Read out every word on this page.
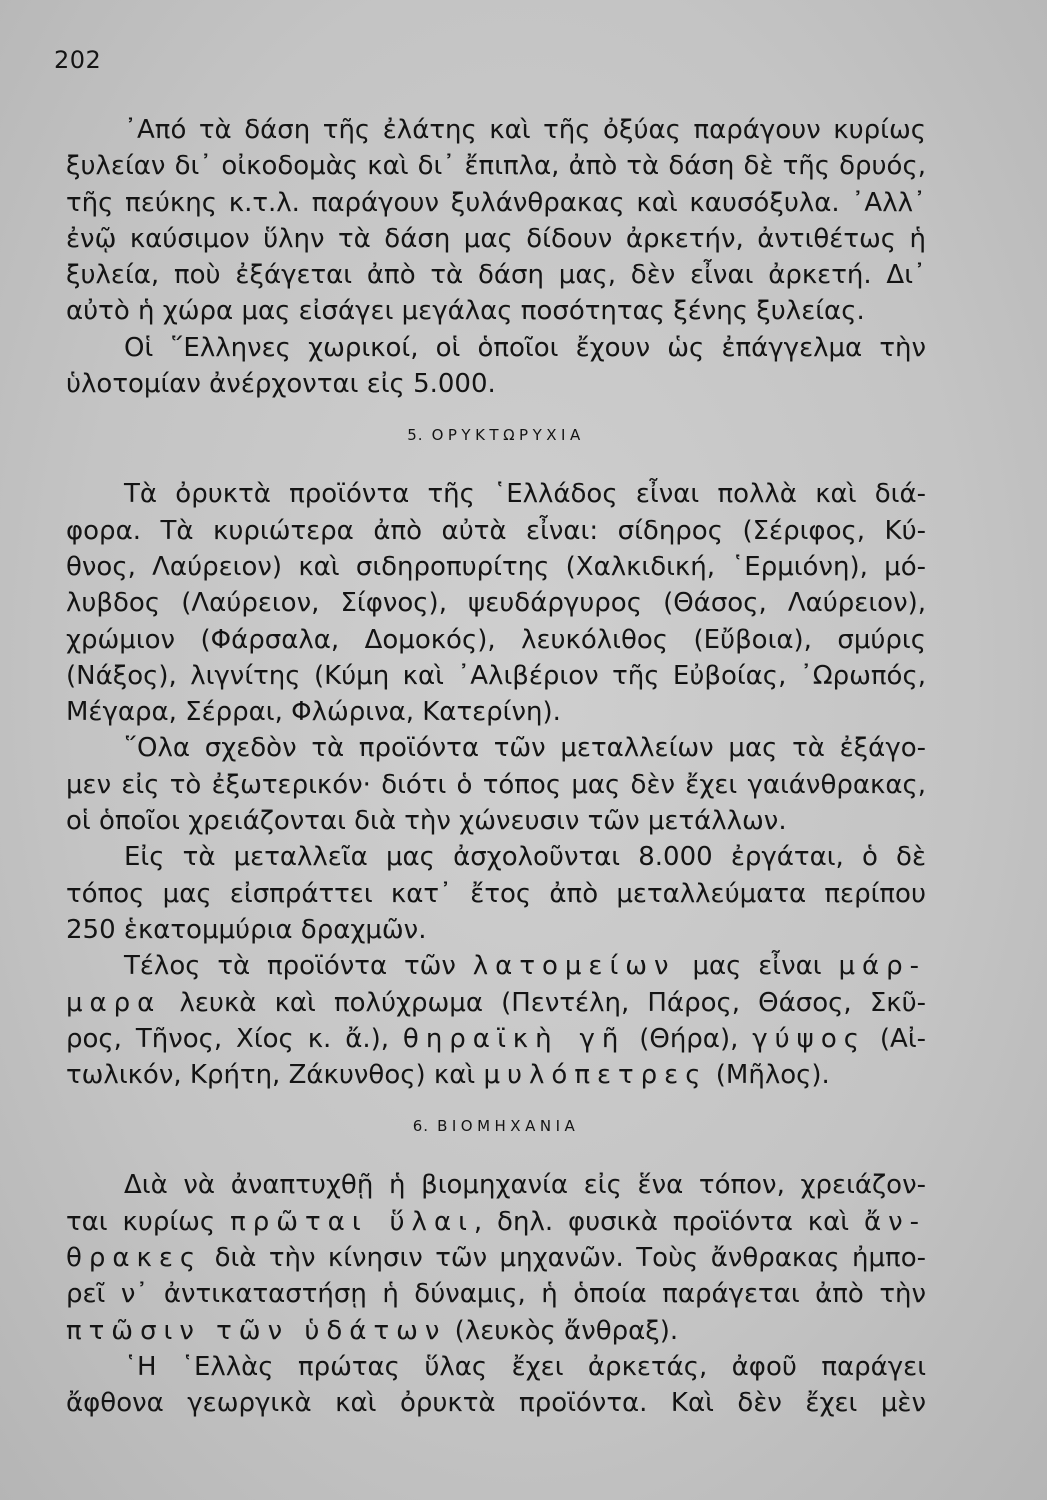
202

᾽Από τὰ δάση τῆς ἐλάτης καὶ τῆς ὀξύας παράγουν κυρίως
ξυλείαν δι᾽ οἰκοδομὰς καὶ δι᾽ ἔπιπλα, ἀπὸ τὰ δάση δὲ τῆς δρυός,
τῆς πεύκης κ.τ.λ. παράγουν ξυλάνθρακας καὶ καυσόξυλα. ᾽Αλλ᾽
ἐνῷ καύσιμον ὕλην τὰ δάση μας δίδουν ἀρκετήν, ἀντιθέτως ἡ
ξυλεία, ποὺ ἐξάγεται ἀπὸ τὰ δάση μας, δὲν εἶναι ἀρκετή. Δι᾽
αὐτὸ ἡ χώρα μας εἰσάγει μεγάλας ποσότητας ξένης ξυλείας.
Οἱ ῞Ελληνες χωρικοί, οἱ ὁποῖοι ἔχουν ὡς ἐπάγγελμα τὴν
ὑλοτομίαν ἀνέρχονται εἰς 5.000.
5. ΟΡΥΚΤΩΡΥΧΙΑ
Τὰ ὀρυκτὰ προϊόντα τῆς ῾Ελλάδος εἶναι πολλὰ καὶ διά-
φορα. Τὰ κυριώτερα ἀπὸ αὐτὰ εἶναι: σίδηρος (Σέριφος, Κύ-
θνος, Λαύρειον) καὶ σιδηροπυρίτης (Χαλκιδική, ῾Ερμιόνη), μό-
λυβδος (Λαύρειον, Σίφνος), ψευδάργυρος (Θάσος, Λαύρειον),
χρώμιον (Φάρσαλα, Δομοκός), λευκόλιθος (Εὔβοια), σμύρις
(Νάξος), λιγνίτης (Κύμη καὶ ᾽Αλιβέριον τῆς Εὐβοίας, ᾽Ωρωπός,
Μέγαρα, Σέρραι, Φλώρινα, Κατερίνη).
῞Ολα σχεδὸν τὰ προϊόντα τῶν μεταλλείων μας τὰ ἐξάγο-
μεν εἰς τὸ ἐξωτερικόν· διότι ὁ τόπος μας δὲν ἔχει γαιάνθρακας,
οἱ ὁποῖοι χρειάζονται διὰ τὴν χώνευσιν τῶν μετάλλων.
Εἰς τὰ μεταλλεῖα μας ἀσχολοῦνται 8.000 ἐργάται, ὁ δὲ
τόπος μας εἰσπράττει κατ᾽ ἔτος ἀπὸ μεταλλεύματα περίπου
250 ἑκατομμύρια δραχμῶν.
Τέλος τὰ προϊόντα τῶν λατομείων μας εἶναι μάρ-
μαρα λευκὰ καὶ πολύχρωμα (Πεντέλη, Πάρος, Θάσος, Σκῦ-
ρος, Τῆνος, Χίος κ. ἄ.), θηραϊκὴ γῆ (Θήρα), γύψος (Αἰ-
τωλικόν, Κρήτη, Ζάκυνθος) καὶ μυλόπετρες (Μῆλος).
6. ΒΙΟΜΗΧΑΝΙΑ
Διὰ νὰ ἀναπτυχθῇ ἡ βιομηχανία εἰς ἕνα τόπον, χρειάζον-
ται κυρίως πρῶται ὕλαι, δηλ. φυσικὰ προϊόντα καὶ ἄν-
θρακες διὰ τὴν κίνησιν τῶν μηχανῶν. Τοὺς ἄνθρακας ἠμπο-
ρεῖ ν᾽ ἀντικαταστήσῃ ἡ δύναμις, ἡ ὁποία παράγεται ἀπὸ τὴν
πτῶσιν τῶν ὑδάτων (λευκὸς ἄνθραξ).
῾Η ῾Ελλὰς πρώτας ὕλας ἔχει ἀρκετάς, ἀφοῦ παράγει
ἄφθονα γεωργικὰ καὶ ὀρυκτὰ προϊόντα. Καὶ δὲν ἔχει μὲν
